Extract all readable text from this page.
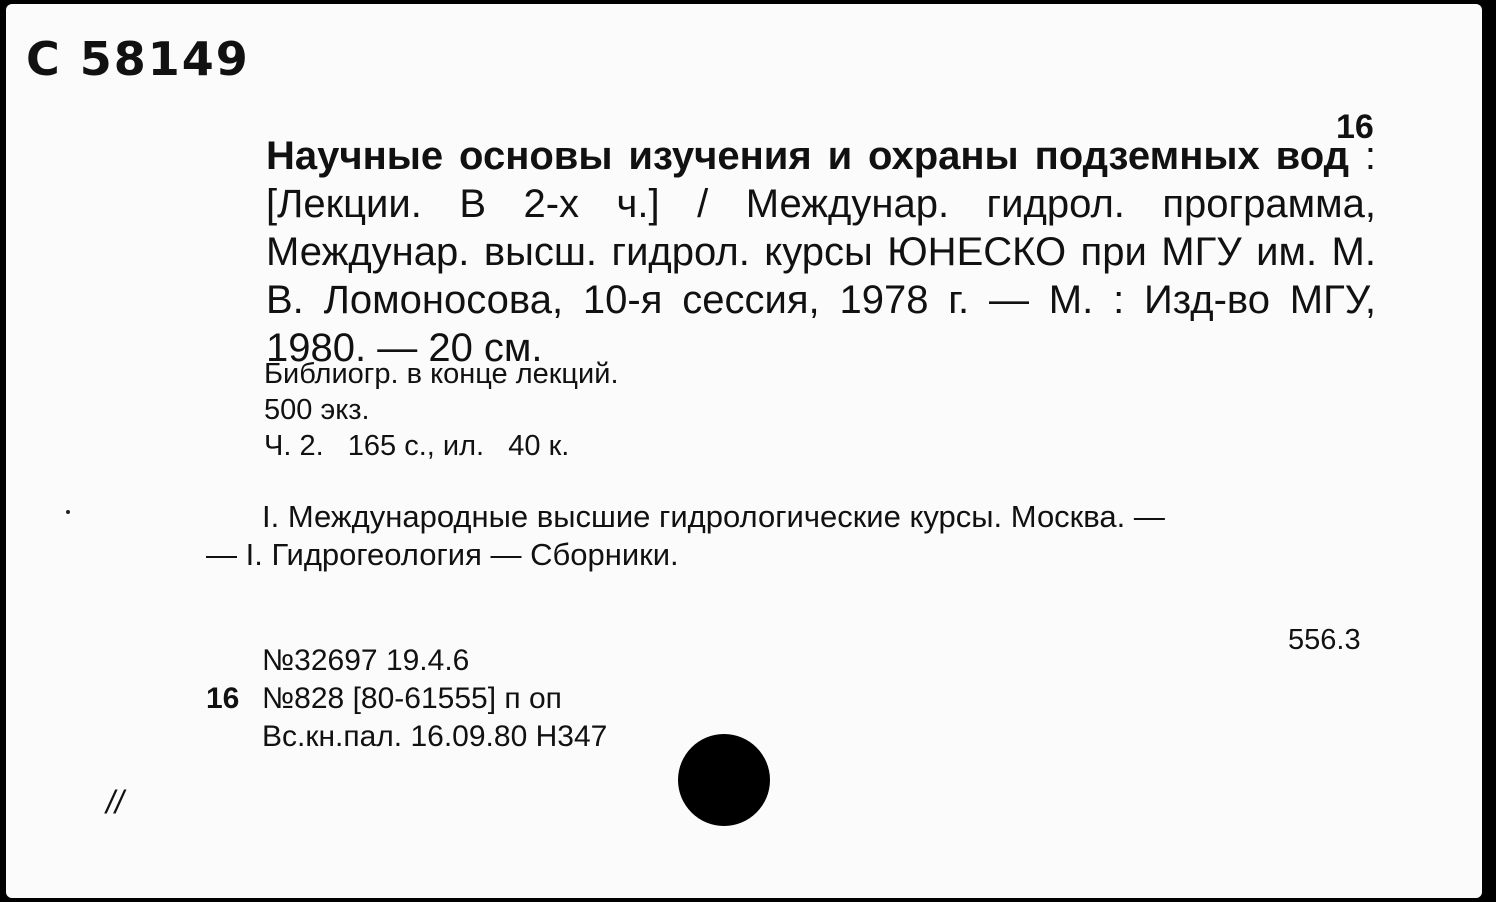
C 58149
16
Научные основы изучения и охраны подземных вод : [Лекции. В 2-х ч.] / Междунар. гидрол. программа, Междунар. высш. гидрол. курсы ЮНЕСКО при МГУ им. М. В. Ломоносова, 10-я сессия, 1978 г. — М. : Изд-во МГУ, 1980. — 20 см.
Библиогр. в конце лекций.
500 экз.
Ч. 2.   165 с., ил.   40 к.
I. Международные высшие гидрологические курсы. Москва. —
— I. Гидрогеология — Сборники.
556.3
№32697 19.4.6
16 №828 [80-61555] п оп
Вс.кн.пал. 16.09.80 Н347
//
